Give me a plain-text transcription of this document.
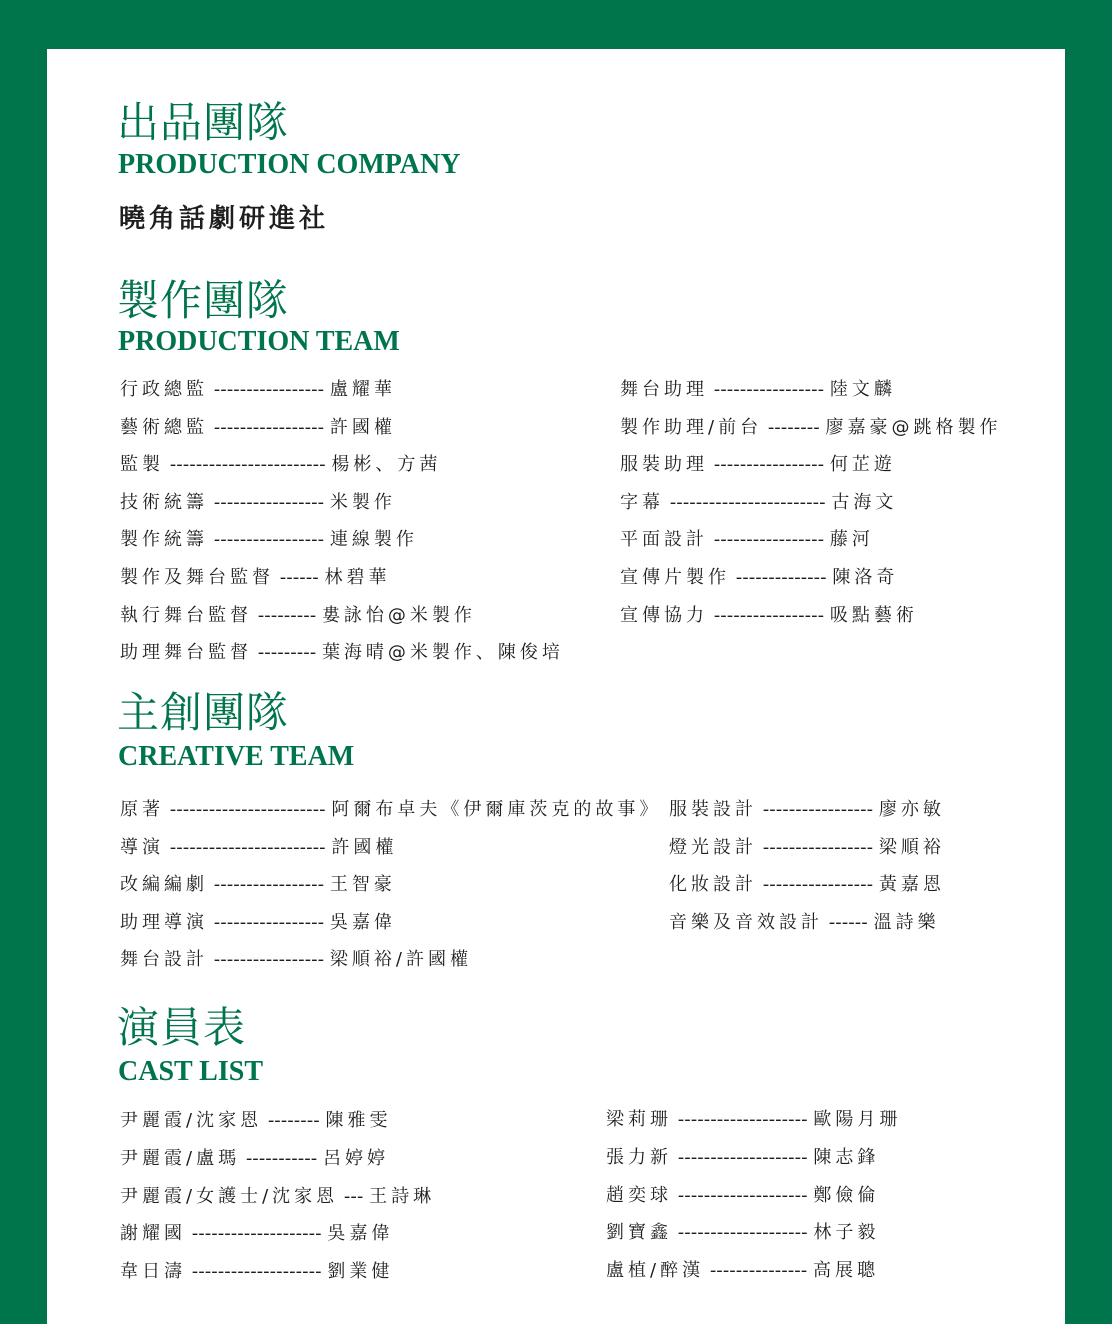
出品團隊
PRODUCTION COMPANY
曉角話劇研進社
製作團隊
PRODUCTION TEAM
行政總監 ----------------- 盧耀華
藝術總監 ----------------- 許國權
監製 ------------------------ 楊彬、方茜
技術統籌 ----------------- 米製作
製作統籌 ----------------- 連線製作
製作及舞台監督 ------ 林碧華
執行舞台監督 --------- 婁詠怡@米製作
助理舞台監督 --------- 葉海晴@米製作、陳俊培
舞台助理 ----------------- 陸文麟
製作助理/前台 -------- 廖嘉豪@跳格製作
服裝助理 ----------------- 何芷遊
字幕 ------------------------ 古海文
平面設計 ----------------- 藤河
宣傳片製作 -------------- 陳洛奇
宣傳協力 ----------------- 吸點藝術
主創團隊
CREATIVE TEAM
原著 ------------------------ 阿爾布卓夫《伊爾庫茨克的故事》
導演 ------------------------ 許國權
改編編劇 ----------------- 王智豪
助理導演 ----------------- 吳嘉偉
舞台設計 ----------------- 梁順裕/許國權
服裝設計 ----------------- 廖亦敏
燈光設計 ----------------- 梁順裕
化妝設計 ----------------- 黃嘉恩
音樂及音效設計 ------ 溫詩樂
演員表
CAST LIST
尹麗霞/沈家恩 -------- 陳雅雯
尹麗霞/盧瑪 ----------- 呂婷婷
尹麗霞/女護士/沈家恩 --- 王詩琳
謝耀國 -------------------- 吳嘉偉
韋日濤 -------------------- 劉業健
梁莉珊 -------------------- 歐陽月珊
張力新 -------------------- 陳志鋒
趙奕球 -------------------- 鄭儉倫
劉寶鑫 -------------------- 林子毅
盧植/醉漢 --------------- 高展聰
